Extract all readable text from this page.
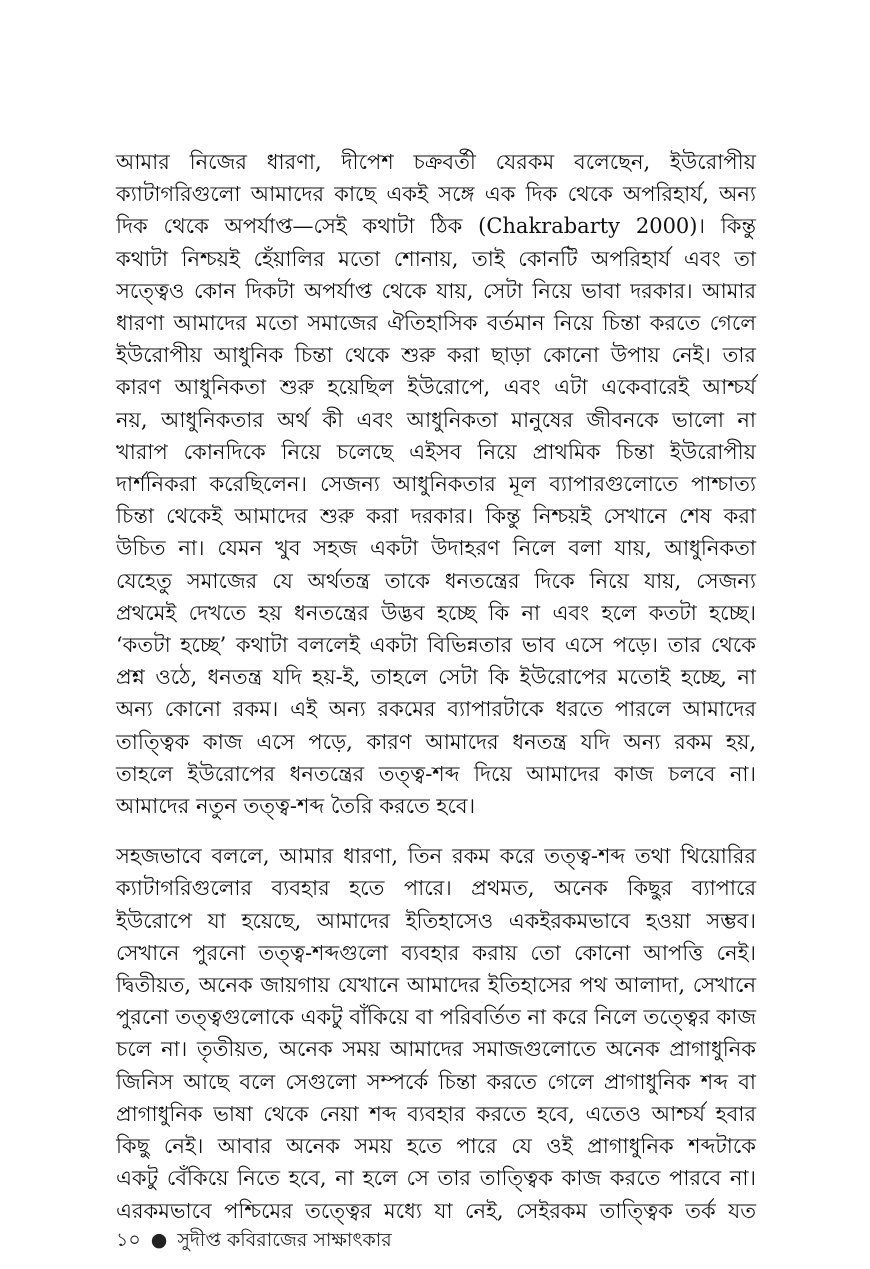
আমার নিজের ধারণা, দীপেশ চক্রবর্তী যেরকম বলেছেন, ইউরোপীয়
ক্যাটাগরিগুলো আমাদের কাছে একই সঙ্গে এক দিক থেকে অপরিহার্য, অন্য
দিক থেকে অপর্যাপ্ত—সেই কথাটা ঠিক (Chakrabarty 2000)। কিন্তু
কথাটা নিশ্চয়ই হেঁয়ালির মতো শোনায়, তাই কোনটি অপরিহার্য এবং তা
সত্ত্বেও কোন দিকটা অপর্যাপ্ত থেকে যায়, সেটা নিয়ে ভাবা দরকার। আমার
ধারণা আমাদের মতো সমাজের ঐতিহাসিক বর্তমান নিয়ে চিন্তা করতে গেলে
ইউরোপীয় আধুনিক চিন্তা থেকে শুরু করা ছাড়া কোনো উপায় নেই। তার
কারণ আধুনিকতা শুরু হয়েছিল ইউরোপে, এবং এটা একেবারেই আশ্চর্য
নয়, আধুনিকতার অর্থ কী এবং আধুনিকতা মানুষের জীবনকে ভালো না
খারাপ কোনদিকে নিয়ে চলেছে এইসব নিয়ে প্রাথমিক চিন্তা ইউরোপীয়
দার্শনিকরা করেছিলেন। সেজন্য আধুনিকতার মূল ব্যাপারগুলোতে পাশ্চাত্য
চিন্তা থেকেই আমাদের শুরু করা দরকার। কিন্তু নিশ্চয়ই সেখানে শেষ করা
উচিত না। যেমন খুব সহজ একটা উদাহরণ নিলে বলা যায়, আধুনিকতা
যেহেতু সমাজের যে অর্থতন্ত্র তাকে ধনতন্ত্রের দিকে নিয়ে যায়, সেজন্য
প্রথমেই দেখতে হয় ধনতন্ত্রের উদ্ভব হচ্ছে কি না এবং হলে কতটা হচ্ছে।
‘কতটা হচ্ছে’ কথাটা বললেই একটা বিভিন্নতার ভাব এসে পড়ে। তার থেকে
প্রশ্ন ওঠে, ধনতন্ত্র যদি হয়-ই, তাহলে সেটা কি ইউরোপের মতোই হচ্ছে, না
অন্য কোনো রকম। এই অন্য রকমের ব্যাপারটাকে ধরতে পারলে আমাদের
তাত্ত্বিক কাজ এসে পড়ে, কারণ আমাদের ধনতন্ত্র যদি অন্য রকম হয়,
তাহলে ইউরোপের ধনতন্ত্রের তত্ত্ব-শব্দ দিয়ে আমাদের কাজ চলবে না।
আমাদের নতুন তত্ত্ব-শব্দ তৈরি করতে হবে।

সহজভাবে বললে, আমার ধারণা, তিন রকম করে তত্ত্ব-শব্দ তথা থিয়োরির
ক্যাটাগরিগুলোর ব্যবহার হতে পারে। প্রথমত, অনেক কিছুর ব্যাপারে
ইউরোপে যা হয়েছে, আমাদের ইতিহাসেও একইরকমভাবে হওয়া সম্ভব।
সেখানে পুরনো তত্ত্ব-শব্দগুলো ব্যবহার করায় তো কোনো আপত্তি নেই।
দ্বিতীয়ত, অনেক জায়গায় যেখানে আমাদের ইতিহাসের পথ আলাদা, সেখানে
পুরনো তত্ত্বগুলোকে একটু বাঁকিয়ে বা পরিবর্তিত না করে নিলে তত্ত্বের কাজ
চলে না। তৃতীয়ত, অনেক সময় আমাদের সমাজগুলোতে অনেক প্রাগাধুনিক
জিনিস আছে বলে সেগুলো সম্পর্কে চিন্তা করতে গেলে প্রাগাধুনিক শব্দ বা
প্রাগাধুনিক ভাষা থেকে নেয়া শব্দ ব্যবহার করতে হবে, এতেও আশ্চর্য হবার
কিছু নেই। আবার অনেক সময় হতে পারে যে ওই প্রাগাধুনিক শব্দটাকে
একটু বেঁকিয়ে নিতে হবে, না হলে সে তার তাত্ত্বিক কাজ করতে পারবে না।
এরকমভাবে পশ্চিমের তত্ত্বের মধ্যে যা নেই, সেইরকম তাত্ত্বিক তর্ক যত

১০ ● সুদীপ্ত কবিরাজের সাক্ষাৎকার
